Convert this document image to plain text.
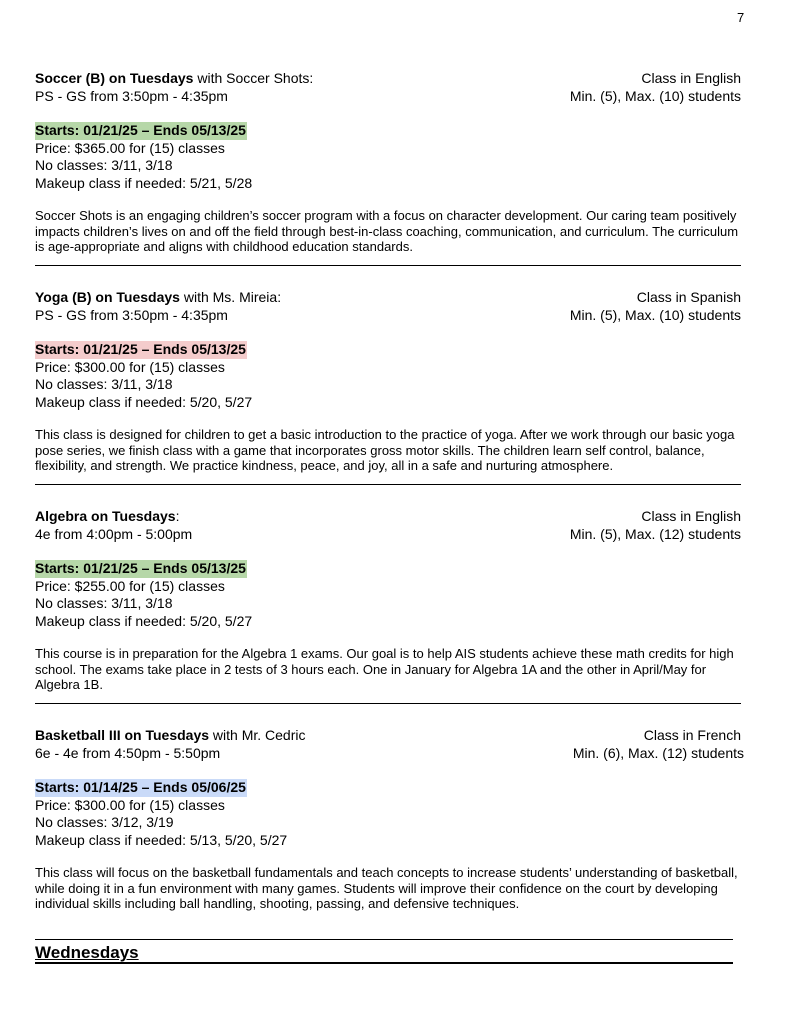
7
Soccer (B) on Tuesdays with Soccer Shots:	Class in English
PS - GS from 3:50pm - 4:35pm	Min. (5), Max. (10) students
Starts: 01/21/25 – Ends 05/13/25
Price: $365.00 for (15) classes
No classes: 3/11, 3/18
Makeup class if needed: 5/21, 5/28
Soccer Shots is an engaging children’s soccer program with a focus on character development. Our caring team positively impacts children’s lives on and off the field through best-in-class coaching, communication, and curriculum. The curriculum is age-appropriate and aligns with childhood education standards.
Yoga (B) on Tuesdays with Ms. Mireia:	Class in Spanish
PS - GS from 3:50pm - 4:35pm	Min. (5), Max. (10) students
Starts: 01/21/25 – Ends 05/13/25
Price: $300.00 for (15) classes
No classes: 3/11, 3/18
Makeup class if needed: 5/20, 5/27
This class is designed for children to get a basic introduction to the practice of yoga. After we work through our basic yoga pose series, we finish class with a game that incorporates gross motor skills. The children learn self control, balance, flexibility, and strength. We practice kindness, peace, and joy, all in a safe and nurturing atmosphere.
Algebra on Tuesdays:	Class in English
4e from 4:00pm - 5:00pm	Min. (5), Max. (12) students
Starts: 01/21/25 – Ends 05/13/25
Price: $255.00 for (15) classes
No classes: 3/11, 3/18
Makeup class if needed: 5/20, 5/27
This course is in preparation for the Algebra 1 exams. Our goal is to help AIS students achieve these math credits for high school. The exams take place in 2 tests of 3 hours each. One in January for Algebra 1A and the other in April/May for Algebra 1B.
Basketball III on Tuesdays with Mr. Cedric	Class in French
6e - 4e from 4:50pm - 5:50pm	Min. (6), Max. (12) students
Starts: 01/14/25 – Ends 05/06/25
Price: $300.00 for (15) classes
No classes: 3/12, 3/19
Makeup class if needed: 5/13, 5/20, 5/27
This class will focus on the basketball fundamentals and teach concepts to increase students’ understanding of basketball, while doing it in a fun environment with many games. Students will improve their confidence on the court by developing individual skills including ball handling, shooting, passing, and defensive techniques.
Wednesdays
